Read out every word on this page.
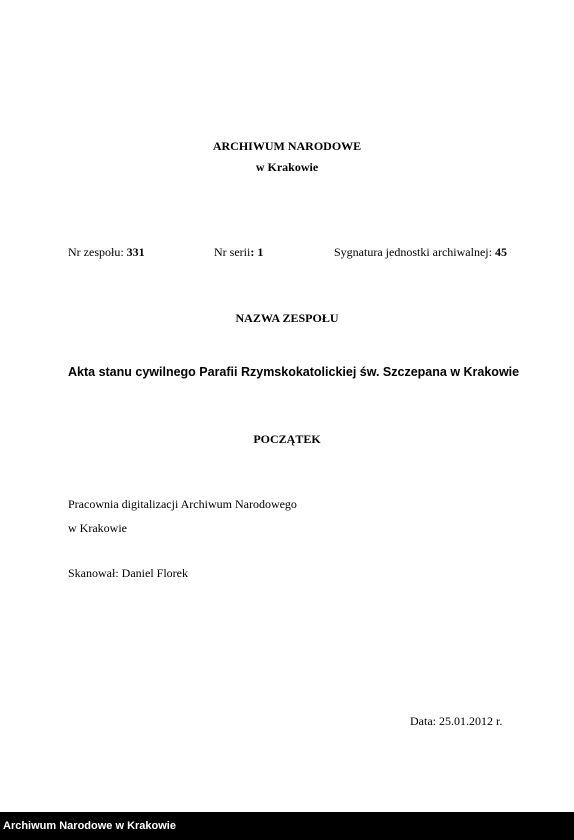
ARCHIWUM NARODOWE
w Krakowie
Nr zespołu: 331	Nr serii: 1	Sygnatura jednostki archiwalnej: 45
NAZWA ZESPOŁU
Akta stanu cywilnego Parafii Rzymskokatolickiej św. Szczepana w Krakowie
POCZĄTEK
Pracownia digitalizacji Archiwum Narodowego
w Krakowie
Skanował: Daniel Florek
Data: 25.01.2012 r.
Archiwum Narodowe w Krakowie
